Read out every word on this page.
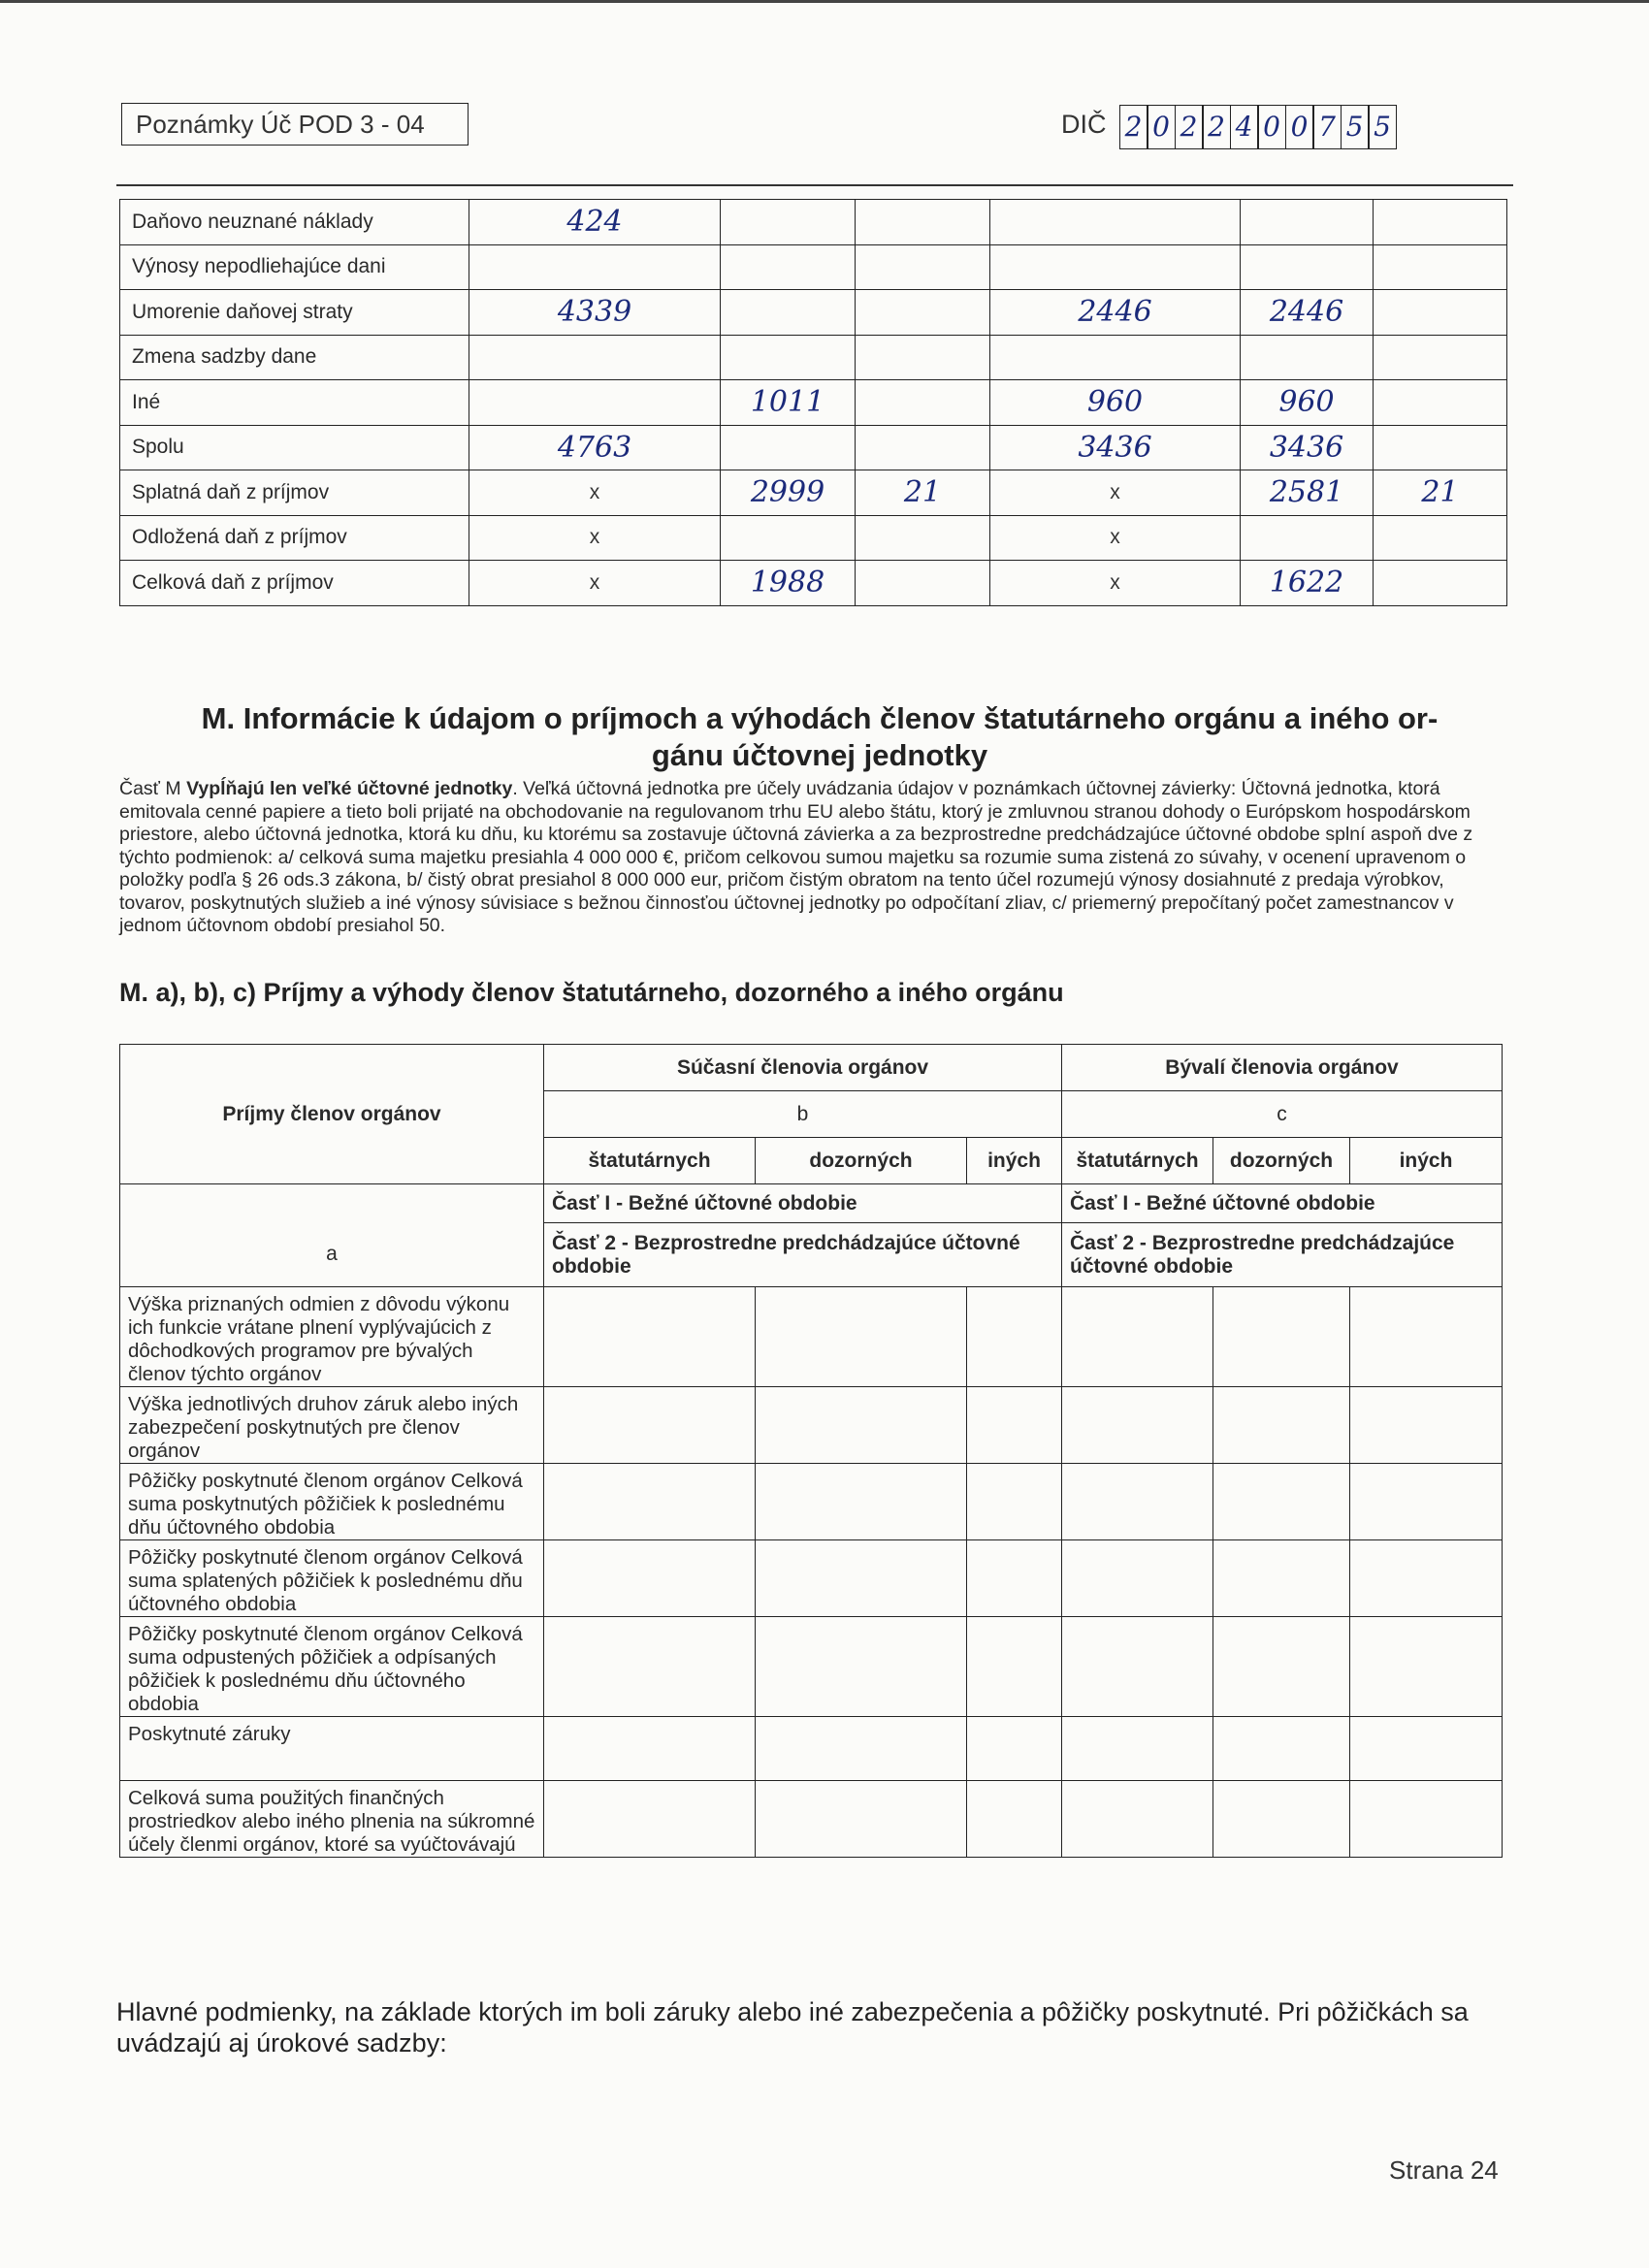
Poznámky Úč POD 3 - 04	DIČ 2 0 2 2 4 0 0 7 5 5
Daňovo neuznané náklady	424					
Výnosy nepodliehajúce dani						
Umorenie daňovej straty	4339			2446	2446	
Zmena sadzby dane						
Iné		1011		960	960	
Spolu	4763			3436	3436	
Splatná daň z príjmov	x	2999	21	x	2581	21
Odložená daň z príjmov	x			x		
Celková daň z príjmov	x	1988		x	1622	
M. Informácie k údajom o príjmoch a výhodách členov štatutárneho orgánu a iného or-
gánu účtovnej jednotky
Časť M Vypĺňajú len veľké účtovné jednotky. Veľká účtovná jednotka pre účely uvádzania údajov v poznámkach účtovnej závierky: Účtovná jednotka, ktorá emitovala cenné papiere a tieto boli prijaté na obchodovanie na regulovanom trhu EU alebo štátu, ktorý je zmluvnou stranou dohody o Európskom hospodárskom priestore, alebo účtovná jednotka, ktorá ku dňu, ku ktorému sa zostavuje účtovná závierka a za bezprostredne predchádzajúce účtovné obdobe splní aspoň dve z týchto podmienok: a/ celková suma majetku presiahla 4 000 000 €, pričom celkovou sumou majetku sa rozumie suma zistená zo súvahy, v ocenení upravenom o položky podľa § 26 ods.3 zákona, b/ čistý obrat presiahol 8 000 000 eur, pričom čistým obratom na tento účel rozumejú výnosy dosiahnuté z predaja výrobkov, tovarov, poskytnutých služieb a iné výnosy súvisiace s bežnou činnosťou účtovnej jednotky po odpočítaní zliav, c/ priemerný prepočítaný počet zamestnancov v jednom účtovnom období presiahol 50.
M. a), b), c) Príjmy a výhody členov štatutárneho, dozorného a iného orgánu
Príjmy členov orgánov	Súčasní členovia orgánov			Bývalí členovia orgánov		
	b			c		
	štatutárnych	dozorných	iných	štatutárnych	dozorných	iných
	Časť I - Bežné účtovné obdobie			Časť I - Bežné účtovné obdobie		
a	Časť 2 - Bezprostredne predchádzajúce účtovné obdobie			Časť 2 - Bezprostredne predchádzajúce účtovné obdobie		
Výška priznaných odmien z dôvodu výkonu ich funkcie vrátane plnení vyplývajúcich z dôchodkových programov pre bývalých členov týchto orgánov						
Výška jednotlivých druhov záruk alebo iných zabezpečení poskytnutých pre členov orgánov						
Pôžičky poskytnuté členom orgánov Celková suma poskytnutých pôžičiek k poslednému dňu účtovného obdobia						
Pôžičky poskytnuté členom orgánov Celková suma splatených pôžičiek k poslednému dňu účtovného obdobia						
Pôžičky poskytnuté členom orgánov Celková suma odpustených pôžičiek a odpísaných pôžičiek k poslednému dňu účtovného obdobia						
Poskytnuté záruky						
Celková suma použitých finančných prostriedkov alebo iného plnenia na súkromné účely členmi orgánov, ktoré sa vyúčtovávajú						
Hlavné podmienky, na základe ktorých im boli záruky alebo iné zabezpečenia a pôžičky poskytnuté. Pri pôžičkách sa uvádzajú aj úrokové sadzby:
Strana 24
